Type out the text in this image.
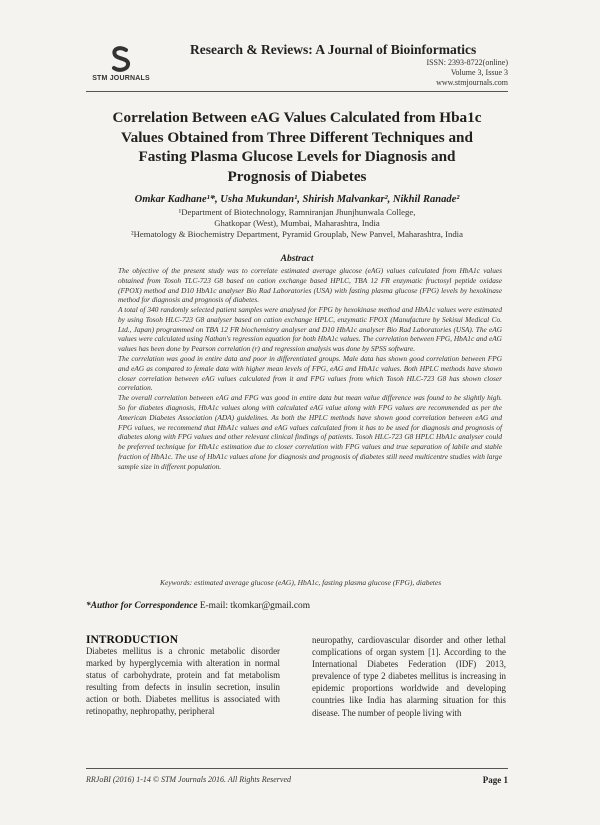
STM JOURNALS
Research & Reviews: A Journal of Bioinformatics
ISSN: 2393-8722(online)
Volume 3, Issue 3
www.stmjournals.com
Correlation Between eAG Values Calculated from Hba1c
Values Obtained from Three Different Techniques and
Fasting Plasma Glucose Levels for Diagnosis and
Prognosis of Diabetes
Omkar Kadhane¹*, Usha Mukundan¹, Shirish Malvankar², Nikhil Ranade²
¹Department of Biotechnology, Ramniranjan Jhunjhunwala College,
Ghatkopar (West), Mumbai, Maharashtra, India
²Hematology & Biochemistry Department, Pyramid Grouplab, New Panvel, Maharashtra, India
Abstract

The objective of the present study was to correlate estimated average glucose (eAG) values calculated from HbA1c values obtained from Tosoh TLC-723 G8 based on cation exchange based HPLC, TBA 12 FR enzymatic fructosyl peptide oxidase (FPOX) method and D10 HbA1c analyser Bio Rad Laboratories (USA) with fasting plasma glucose (FPG) levels by hexokinase method for diagnosis and prognosis of diabetes.

A total of 340 randomly selected patient samples were analysed for FPG by hexokinase method and HbA1c values were estimated by using Tosoh HLC-723 G8 analyser based on cation exchange HPLC, enzymatic FPOX (Manufacture by Sekisui Medical Co. Ltd., Japan) programmed on TBA 12 FR biochemistry analyser and D10 HbA1c analyser Bio Rad Laboratories (USA). The eAG values were calculated using Nathan's regression equation for both HbA1c values. The correlation between FPG, HbA1c and eAG values has been done by Pearson correlation (r) and regression analysis was done by SPSS software.

The correlation was good in entire data and poor in differentiated groups. Male data has shown good correlation between FPG and eAG as compared to female data with higher mean levels of FPG, eAG and HbA1c values. Both HPLC methods have shown closer correlation between eAG values calculated from it and FPG values from which Tosoh HLC-723 G8 has shown closer correlation.

The overall correlation between eAG and FPG was good in entire data but mean value difference was found to be slightly high. So for diabetes diagnosis, HbA1c values along with calculated eAG value along with FPG values are recommended as per the American Diabetes Association (ADA) guidelines. As both the HPLC methods have shown good correlation between eAG and FPG values, we recommend that HbA1c values and eAG values calculated from it has to be used for diagnosis and prognosis of diabetes along with FPG values and other relevant clinical findings of patients. Tosoh HLC-723 G8 HPLC HbA1c analyser could be preferred technique for HbA1c estimation due to closer correlation with FPG values and true separation of labile and stable fraction of HbA1c. The use of HbA1c values alone for diagnosis and prognosis of diabetes still need multicentre studies with large sample size in different population.

Keywords: estimated average glucose (eAG), HbA1c, fasting plasma glucose (FPG), diabetes
*Author for Correspondence E-mail: tkomkar@gmail.com
INTRODUCTION
Diabetes mellitus is a chronic metabolic disorder marked by hyperglycemia with alteration in normal status of carbohydrate, protein and fat metabolism resulting from defects in insulin secretion, insulin action or both. Diabetes mellitus is associated with retinopathy, nephropathy, peripheral
neuropathy, cardiovascular disorder and other lethal complications of organ system [1]. According to the International Diabetes Federation (IDF) 2013, prevalence of type 2 diabetes mellitus is increasing in epidemic proportions worldwide and developing countries like India has alarming situation for this disease. The number of people living with
RRJoBI (2016) 1-14 © STM Journals 2016. All Rights Reserved	Page 1
